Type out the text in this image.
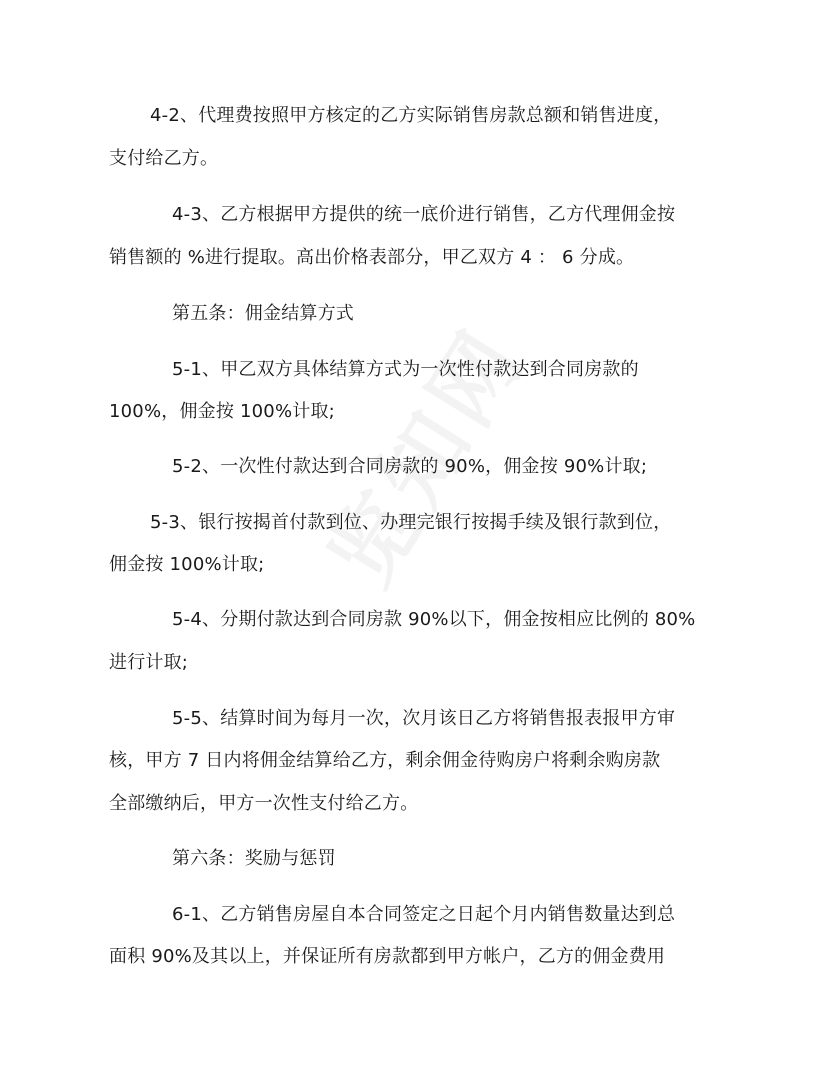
4-2、代理费按照甲方核定的乙方实际销售房款总额和销售进度，
支付给乙方。
4-3、乙方根据甲方提供的统一底价进行销售，乙方代理佣金按
销售额的 %进行提取。高出价格表部分，甲乙双方 4 ： 6 分成。
第五条：佣金结算方式
5-1、甲乙双方具体结算方式为一次性付款达到合同房款的
100%，佣金按 100%计取;
5-2、一次性付款达到合同房款的 90%，佣金按 90%计取;
5-3、银行按揭首付款到位、办理完银行按揭手续及银行款到位，
佣金按 100%计取;
5-4、分期付款达到合同房款 90%以下，佣金按相应比例的 80%
进行计取;
5-5、结算时间为每月一次，次月该日乙方将销售报表报甲方审
核，甲方 7 日内将佣金结算给乙方，剩余佣金待购房户将剩余购房款
全部缴纳后，甲方一次性支付给乙方。
第六条：奖励与惩罚
6-1、乙方销售房屋自本合同签定之日起个月内销售数量达到总
面积 90%及其以上，并保证所有房款都到甲方帐户，乙方的佣金费用
